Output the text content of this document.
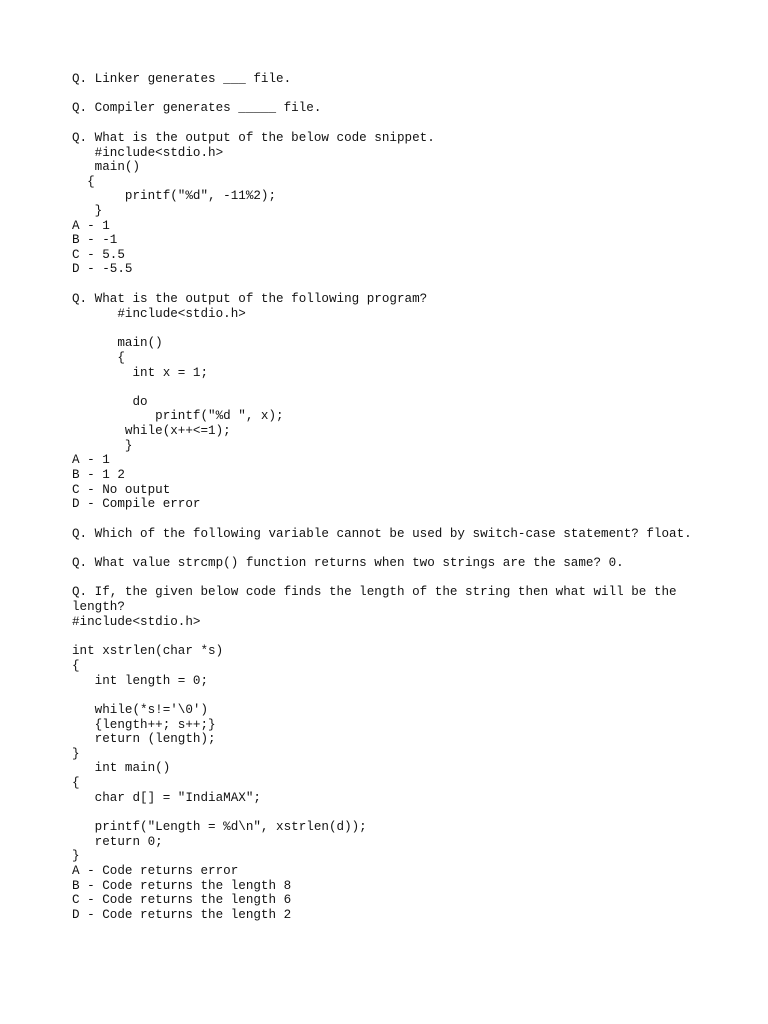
Q. Linker generates ___ file.
Q. Compiler generates _____ file.
Q. What is the output of the below code snippet.
#include<stdio.h>
main()
{
printf("%d", -11%2);
}
A - 1
B - -1
C - 5.5
D - -5.5
Q. What is the output of the following program?
#include<stdio.h>
main()
{
int x = 1;
do
printf("%d ", x);
while(x++<=1);
}
A - 1
B - 1 2
C - No output
D - Compile error
Q. Which of the following variable cannot be used by switch-case statement? float.
Q. What value strcmp() function returns when two strings are the same? 0.
Q. If, the given below code finds the length of the string then what will be the
length?
#include<stdio.h>
int xstrlen(char *s)
{
int length = 0;
while(*s!='\0')
{length++; s++;}
return (length);
}
int main()
{
char d[] = "IndiaMAX";
printf("Length = %d\n", xstrlen(d));
return 0;
}
A - Code returns error
B - Code returns the length 8
C - Code returns the length 6
D - Code returns the length 2
